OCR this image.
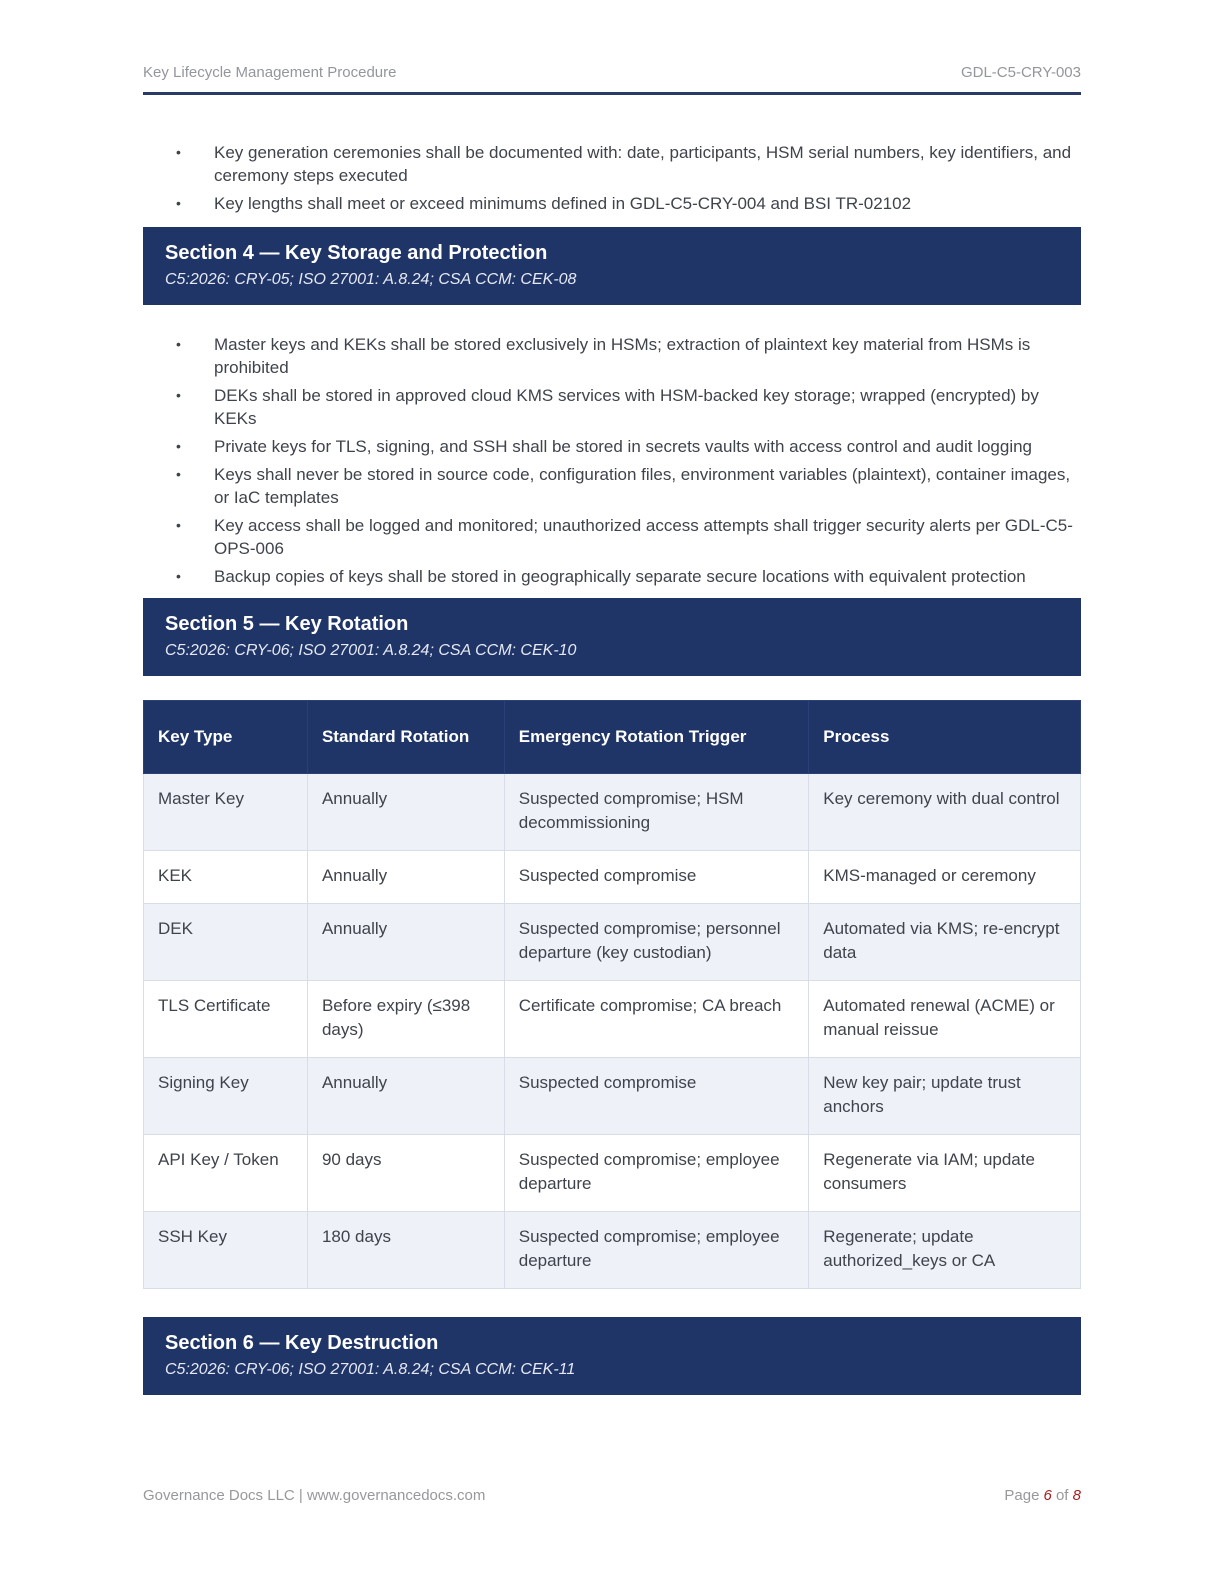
Key Lifecycle Management Procedure	GDL-C5-CRY-003
•	Key generation ceremonies shall be documented with: date, participants, HSM serial numbers, key identifiers, and ceremony steps executed
•	Key lengths shall meet or exceed minimums defined in GDL-C5-CRY-004 and BSI TR-02102
Section 4 — Key Storage and Protection
C5:2026: CRY-05; ISO 27001: A.8.24; CSA CCM: CEK-08
•	Master keys and KEKs shall be stored exclusively in HSMs; extraction of plaintext key material from HSMs is prohibited
•	DEKs shall be stored in approved cloud KMS services with HSM-backed key storage; wrapped (encrypted) by KEKs
•	Private keys for TLS, signing, and SSH shall be stored in secrets vaults with access control and audit logging
•	Keys shall never be stored in source code, configuration files, environment variables (plaintext), container images, or IaC templates
•	Key access shall be logged and monitored; unauthorized access attempts shall trigger security alerts per GDL-C5-OPS-006
•	Backup copies of keys shall be stored in geographically separate secure locations with equivalent protection
Section 5 — Key Rotation
C5:2026: CRY-06; ISO 27001: A.8.24; CSA CCM: CEK-10
Key Type	Standard Rotation	Emergency Rotation Trigger	Process
Master Key	Annually	Suspected compromise; HSM decommissioning	Key ceremony with dual control
KEK	Annually	Suspected compromise	KMS-managed or ceremony
DEK	Annually	Suspected compromise; personnel departure (key custodian)	Automated via KMS; re-encrypt data
TLS Certificate	Before expiry (≤398 days)	Certificate compromise; CA breach	Automated renewal (ACME) or manual reissue
Signing Key	Annually	Suspected compromise	New key pair; update trust anchors
API Key / Token	90 days	Suspected compromise; employee departure	Regenerate via IAM; update consumers
SSH Key	180 days	Suspected compromise; employee departure	Regenerate; update authorized_keys or CA
Section 6 — Key Destruction
C5:2026: CRY-06; ISO 27001: A.8.24; CSA CCM: CEK-11
Governance Docs LLC | www.governancedocs.com	Page 6 of 8
